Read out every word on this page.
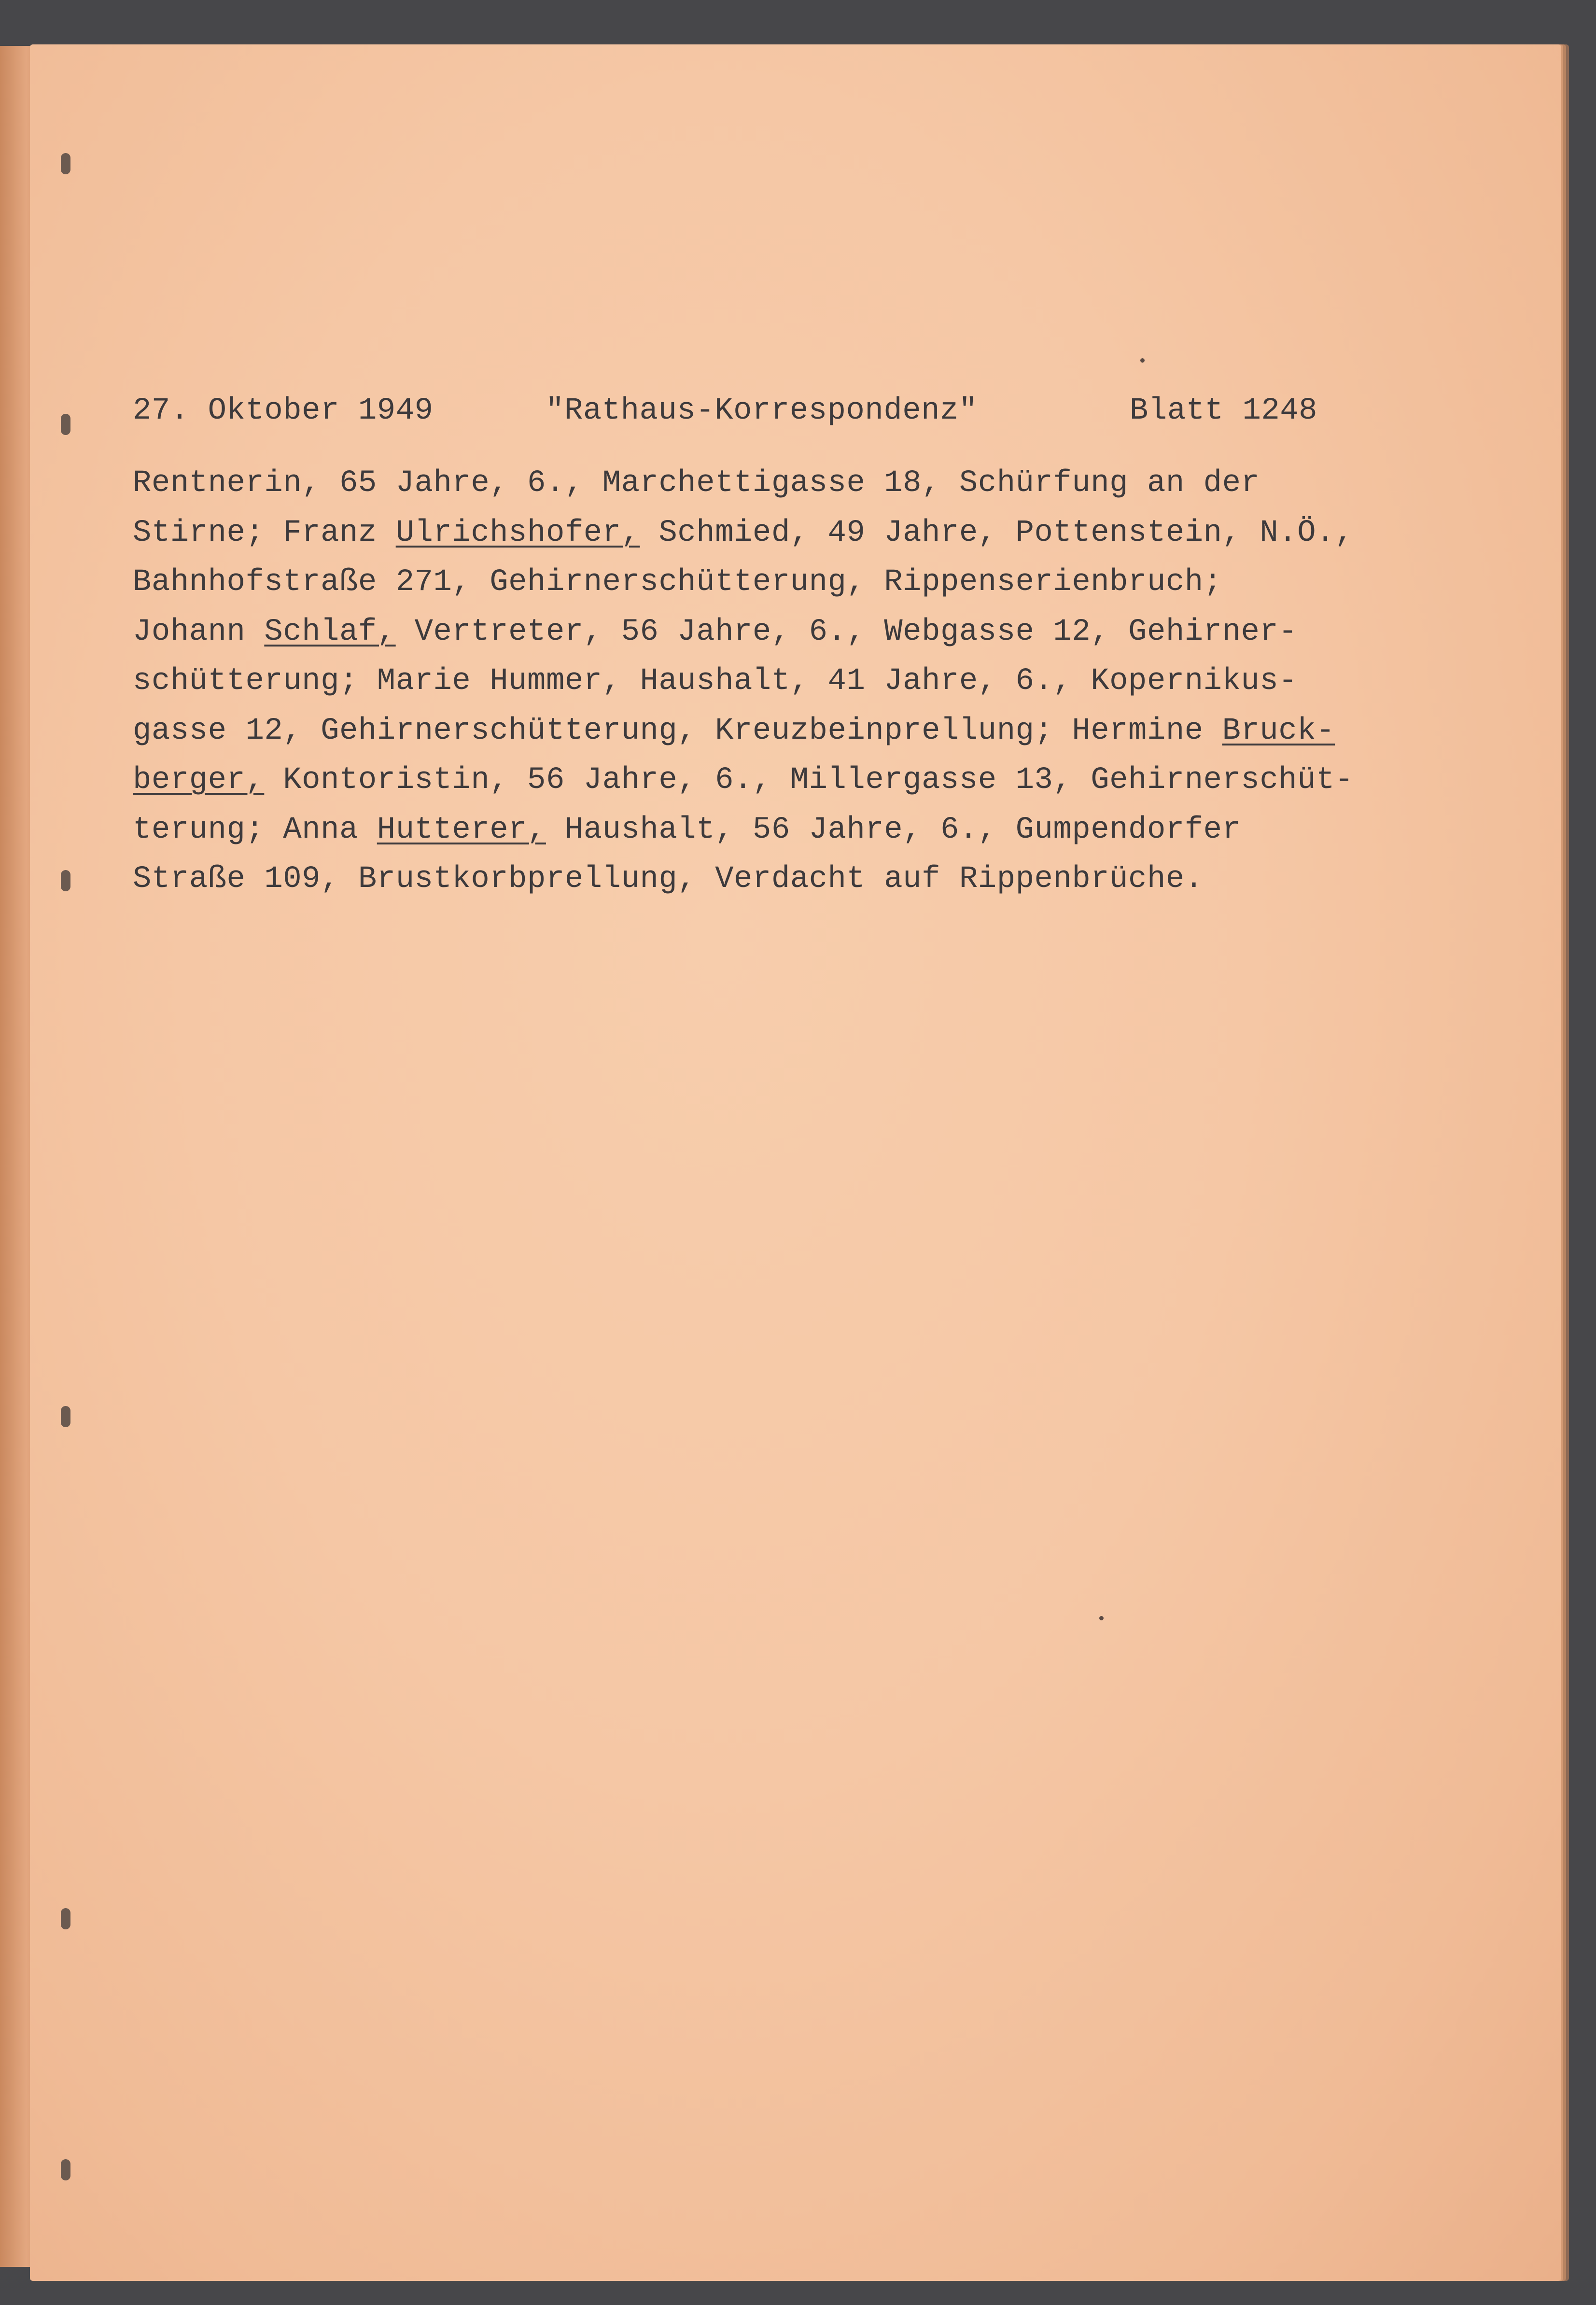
27. Oktober 1949

	"Rathaus-Korrespondenz"

	Blatt 1248

Rentnerin, 65 Jahre, 6., Marchettigasse 18, Schürfung an der
Stirne; Franz Ulrichshofer, Schmied, 49 Jahre, Pottenstein, N.Ö.,
Bahnhofstraße 271, Gehirnerschütterung, Rippenserienbruch;
Johann Schlaf, Vertreter, 56 Jahre, 6., Webgasse 12, Gehirner-
schütterung; Marie Hummer, Haushalt, 41 Jahre, 6., Kopernikus-
gasse 12, Gehirnerschütterung, Kreuzbeinprellung; Hermine Bruck-
berger, Kontoristin, 56 Jahre, 6., Millergasse 13, Gehirnerschüt-
terung; Anna Hutterer, Haushalt, 56 Jahre, 6., Gumpendorfer
Straße 109, Brustkorbprellung, Verdacht auf Rippenbrüche.
